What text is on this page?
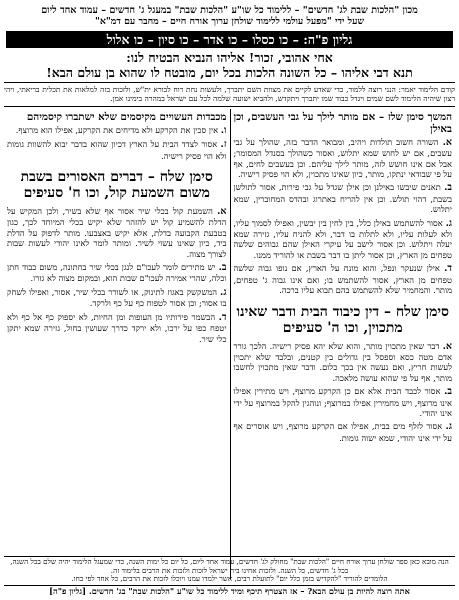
מכון "הלכות שבת לג' חדשים" – ללימוד כל שו"ע "הלכות שבת" במעגל ג' חדשים – עמוד אחד ליום
שעל ידי "מפעל עולמי ללימוד שולחן ערוך אורח חיים – מחבר עם דמ"א"
גליון פ"ה: – כו כסלו – כו אדר – כו סיון – כו אלול
אחי אהובי, זכור! אליהו הנביא הבטיח לנו:
תנא דבי אליהו – כל השונה הלכות בכל יום, מובטח לו שהוא בן עולם הבא!
קודם הלימוד יאמר: הנני רוצה ללמוד, כדי שאדע לקיים את מצוות השם יתברך, ולעשות נחת רוח לבורא ית"ש, ולזכות בזה למלאות את תכלית בריאתי, ויהי רצון שיהיה הלימוד לשם שמים ויגדל כבוד שמו יתברך ויתקדש, ולהביא ישועה שלמה לכל עם ישראל במהרה בימינו אמן.
המשך סימן שלז – אם מותר לילך על גבי העשבים, וכן באילן
א. השורה חשוב תולדות ויהיב, ומבואר הדבר בזה, שהולך על גבי עשבים, אם יש לחוש שמא יתלוש, ואסור כשהולך בסנדל המסומר; אבל אם אינו חושש לזה, מותר לילך עליהם. וכן בעשבים לחים, אף על פי שבודאי ינתקו, מותר, כיון שאינו מתכוין, ולא הוי פסיק רישיה.
ב. תאנים שיבשו באילנן וכן אילן שגדל על גבי פירות, אסור לתולשן בשבת, דהוי תולש. וכן אין להריח באתרוג ובהדס המחוברין, שמא יתלוש.
ג. אסור להשתמש באילן כלל, בין לחין בין יבשין, ואפילו לסמוך עליו, ולא לעלות עליו, ולא לתלות בו דבר, ולא להניח עליו, גזירה שמא יעלה ויתלוש. וכן אסור לישב על עיקרי האילן שהם גבוהים שלשה טפחים מן הארץ, וכן אסור ליתן בו דבר בשבת או להוריד ממנו.
ד. אילן שנעקר ונפל, והוא מונח על הארץ, אם נופו גבוה שלשה טפחים מן הארץ, אסור להשתמש בו; ואם אינו גבוה ג' טפחים, מותר. והמחמיר שלא להשתמש בהם תבוא עליו ברכה.
סימן שלח – דין כיבוד הבית ודבר שאינו מתכוין, וכו ה' סעיפים
א. דבר שאין מתכוין מותר, והוא שלא יהא פסיק רישיה. הלכך גורר אדם מטה כסא וספסל בין גדולים בין קטנים, ובלבד שלא יתכוין לעשות חריץ, ואם נעשה אין בכך כלום. ודבר שאין מתכוין לחשבו מותר, אף על פי שהוא עושה מלאכה.
ב. אסור לכבד הבית אלא אם כן הקרקע מרוצף, ויש מתירין אפילו אינו מרוצף, ויש מחמירין אפילו במרוצף; ונוהגין להקל במרוצף על ידי אינו יהודי.
ג. אסור לזלף מים בבית, אפילו אם הקרקע מרוצף, ויש אוסרים אף על ידי אינו יהודי, שמא ישוה גומות.
מכבדות העשויים מקיסמים שלא ישתברו קיסמיהם
ו. אין סכין את הקרקע ולא מדיחים את הקרקע, אפילו הוא מרוצף.
ז. אסור לצדד הבית על הארץ דכיון שהוא בדבר יבוא להשוות גומות ולא הוי פסיק רישיה.
סימן שלח – דברים האסורים בשבת משום השמעת קול, וכו ח' סעיפים
א. השמעת קול בכלי שיר אסור אף שלא בשיר, ולכן המקיש על הדלת להשמיע קול יש להזהר שלא יקיש בכלי המיוחד לכך, כגון בטבעת הקבועה בדלת, אלא יקיש באצבעו. מותר לדפוק על הדלת ביד, כיון שאינו עשוי לשיר. ומותר לומר לאינו יהודי לעשות שבות לצורך מצוה.
ב. יש מתירים לומר לעכו"ם לנגן בכלי שיר בחתונה, משום כבוד חתן וכלה, שהרי אמירה לעכו"ם שבות הוא, ובמקום מצוה לא גזרו.
ג. המשקשק באגוז לתינוק, או לשורר בכלי שיר, אסור, ואפילו לשחק בו אסור; וכן אסור לטפוח כף על כף ולרקד.
ד. הבשמר פירותיו מן העופות ומן החיות, לא יספוק כף אל כף ולא יטפח כפו על ירכו, ולא ירקד כדרך שעושין בחול, גזירה שמא יתקן כלי שיר.
הנה מובא כאן ספר שולחן ערוך אורח חיים "הלכות שבת" מחולק לג' חדשים, עמוד אחד ליום, כל יום כל ימות השנה, כדי שמעגל הלימוד יהיה שלם בכל השנה, בכל ג' חדשים, כל השנה. ולזכות אחינו בית ישראל לזכות ולזכות את הרבים בלימוד זה.
הלומדים להוריד "להקדיש בזמן כלל יום" לתועלת רבים, אשר ילמדו עמנו ויוכלו לזכות את הרבים, כל אחד לפי כחו.
אתה רוצה להיות בן עולם הבא? – אז הצטרף תיכף ומיד ללימוד כל שו"ע "הלכות שבת" בג' חדשים. [גליון פ"ה]
